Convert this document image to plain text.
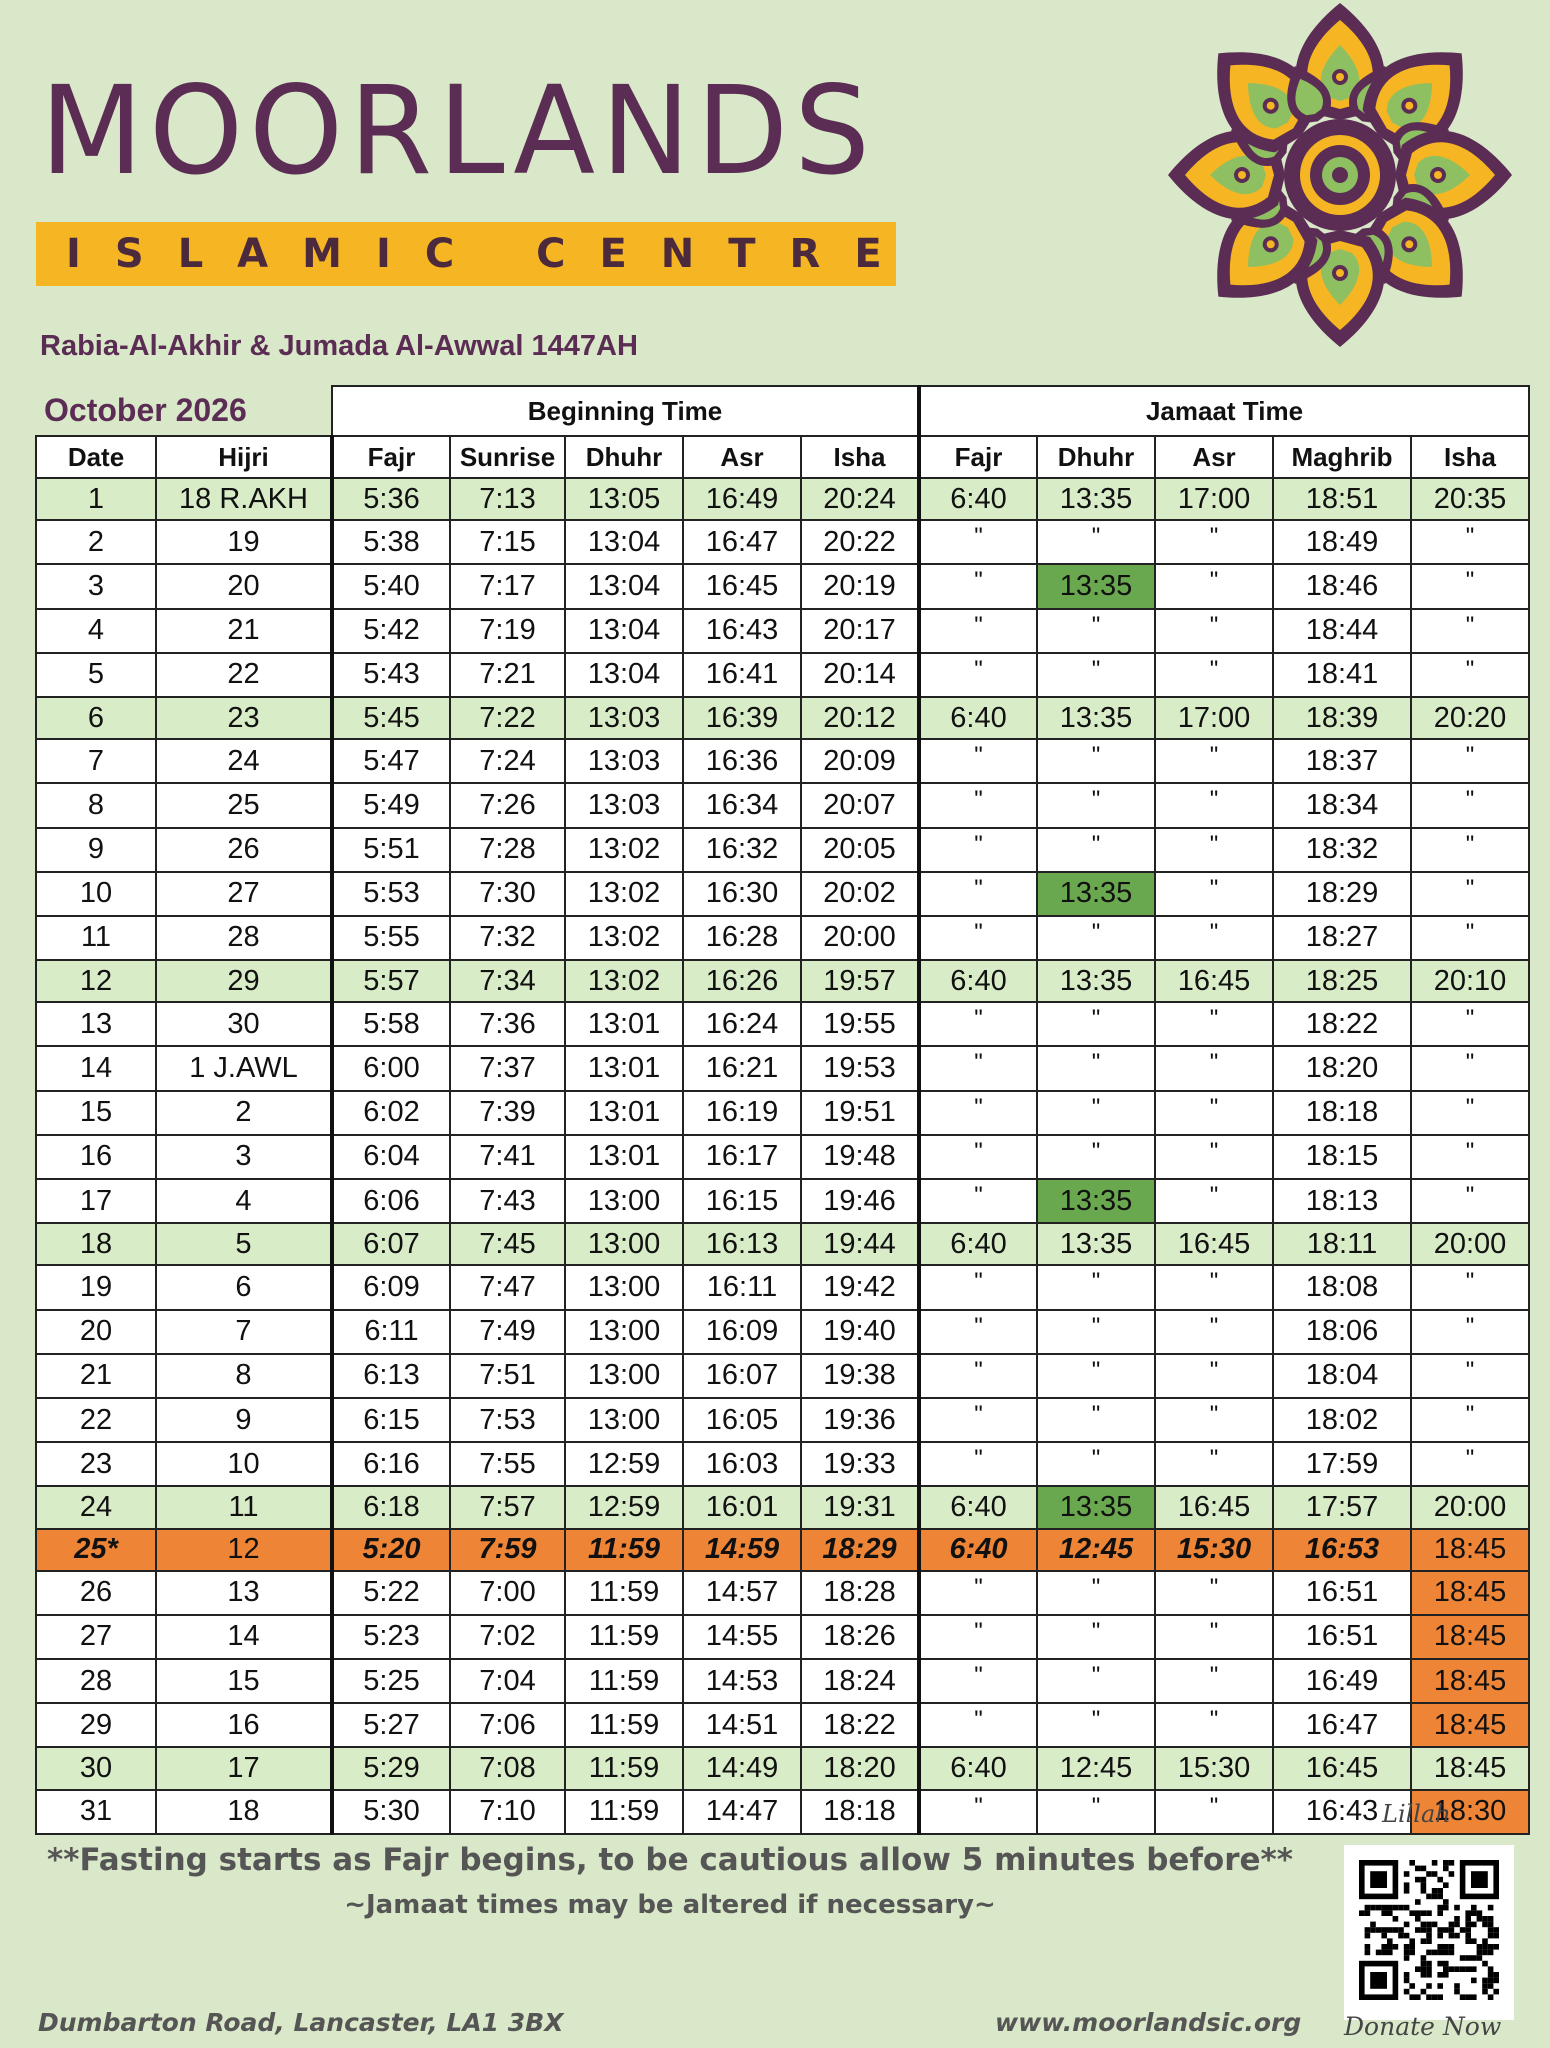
MOORLANDS
ISLAMIC CENTRE
Rabia-Al-Akhir & Jumada Al-Awwal 1447AH
October 2026		Beginning Time					Jamaat Time				
Date	Hijri	Fajr	Sunrise	Dhuhr	Asr	Isha	Fajr	Dhuhr	Asr	Maghrib	Isha
1	18 R.AKH	5:36	7:13	13:05	16:49	20:24	6:40	13:35	17:00	18:51	20:35
2	19	5:38	7:15	13:04	16:47	20:22	"	"	"	18:49	"
3	20	5:40	7:17	13:04	16:45	20:19	"	13:35	"	18:46	"
4	21	5:42	7:19	13:04	16:43	20:17	"	"	"	18:44	"
5	22	5:43	7:21	13:04	16:41	20:14	"	"	"	18:41	"
6	23	5:45	7:22	13:03	16:39	20:12	6:40	13:35	17:00	18:39	20:20
7	24	5:47	7:24	13:03	16:36	20:09	"	"	"	18:37	"
8	25	5:49	7:26	13:03	16:34	20:07	"	"	"	18:34	"
9	26	5:51	7:28	13:02	16:32	20:05	"	"	"	18:32	"
10	27	5:53	7:30	13:02	16:30	20:02	"	13:35	"	18:29	"
11	28	5:55	7:32	13:02	16:28	20:00	"	"	"	18:27	"
12	29	5:57	7:34	13:02	16:26	19:57	6:40	13:35	16:45	18:25	20:10
13	30	5:58	7:36	13:01	16:24	19:55	"	"	"	18:22	"
14	1 J.AWL	6:00	7:37	13:01	16:21	19:53	"	"	"	18:20	"
15	2	6:02	7:39	13:01	16:19	19:51	"	"	"	18:18	"
16	3	6:04	7:41	13:01	16:17	19:48	"	"	"	18:15	"
17	4	6:06	7:43	13:00	16:15	19:46	"	13:35	"	18:13	"
18	5	6:07	7:45	13:00	16:13	19:44	6:40	13:35	16:45	18:11	20:00
19	6	6:09	7:47	13:00	16:11	19:42	"	"	"	18:08	"
20	7	6:11	7:49	13:00	16:09	19:40	"	"	"	18:06	"
21	8	6:13	7:51	13:00	16:07	19:38	"	"	"	18:04	"
22	9	6:15	7:53	13:00	16:05	19:36	"	"	"	18:02	"
23	10	6:16	7:55	12:59	16:03	19:33	"	"	"	17:59	"
24	11	6:18	7:57	12:59	16:01	19:31	6:40	13:35	16:45	17:57	20:00
25*	12	5:20	7:59	11:59	14:59	18:29	6:40	12:45	15:30	16:53	18:45
26	13	5:22	7:00	11:59	14:57	18:28	"	"	"	16:51	18:45
27	14	5:23	7:02	11:59	14:55	18:26	"	"	"	16:51	18:45
28	15	5:25	7:04	11:59	14:53	18:24	"	"	"	16:49	18:45
29	16	5:27	7:06	11:59	14:51	18:22	"	"	"	16:47	18:45
30	17	5:29	7:08	11:59	14:49	18:20	6:40	12:45	15:30	16:45	18:45
31	18	5:30	7:10	11:59	14:47	18:18	"	"	"	16:43	18:30
**Fasting starts as Fajr begins, to be cautious allow 5 minutes before**
~Jamaat times may be altered if necessary~
Dumbarton Road, Lancaster, LA1 3BX	www.moorlandsic.org
Lillah
Donate Now
